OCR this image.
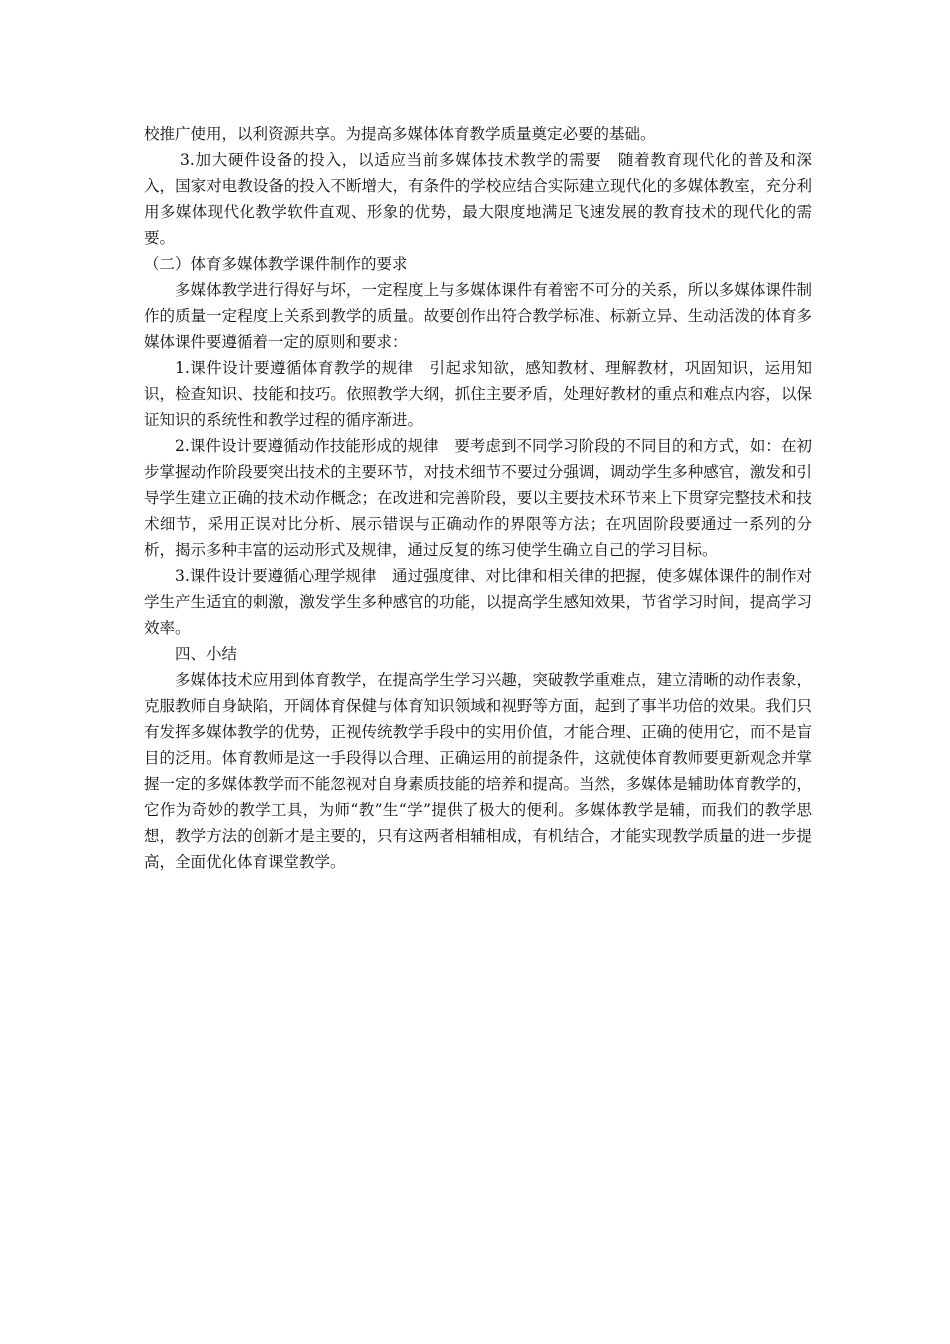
校推广使用，以利资源共享。为提高多媒体体育教学质量奠定必要的基础。

3.加大硬件设备的投入，以适应当前多媒体技术教学的需要　随着教育现代化的普及和深入，国家对电教设备的投入不断增大，有条件的学校应结合实际建立现代化的多媒体教室，充分利用多媒体现代化教学软件直观、形象的优势，最大限度地满足飞速发展的教育技术的现代化的需要。

（二）体育多媒体教学课件制作的要求

多媒体教学进行得好与坏，一定程度上与多媒体课件有着密不可分的关系，所以多媒体课件制作的质量一定程度上关系到教学的质量。故要创作出符合教学标准、标新立异、生动活泼的体育多媒体课件要遵循着一定的原则和要求：

1.课件设计要遵循体育教学的规律　引起求知欲，感知教材、理解教材，巩固知识，运用知识，检查知识、技能和技巧。依照教学大纲，抓住主要矛盾，处理好教材的重点和难点内容，以保证知识的系统性和教学过程的循序渐进。

2.课件设计要遵循动作技能形成的规律　要考虑到不同学习阶段的不同目的和方式，如：在初步掌握动作阶段要突出技术的主要环节，对技术细节不要过分强调，调动学生多种感官，激发和引导学生建立正确的技术动作概念；在改进和完善阶段，要以主要技术环节来上下贯穿完整技术和技术细节，采用正误对比分析、展示错误与正确动作的界限等方法；在巩固阶段要通过一系列的分析，揭示多种丰富的运动形式及规律，通过反复的练习使学生确立自己的学习目标。

3.课件设计要遵循心理学规律　通过强度律、对比律和相关律的把握，使多媒体课件的制作对学生产生适宜的刺激，激发学生多种感官的功能，以提高学生感知效果，节省学习时间，提高学习效率。

四、小结

多媒体技术应用到体育教学，在提高学生学习兴趣，突破教学重难点，建立清晰的动作表象，克服教师自身缺陷，开阔体育保健与体育知识领域和视野等方面，起到了事半功倍的效果。我们只有发挥多媒体教学的优势，正视传统教学手段中的实用价值，才能合理、正确的使用它，而不是盲目的泛用。体育教师是这一手段得以合理、正确运用的前提条件，这就使体育教师要更新观念并掌握一定的多媒体教学而不能忽视对自身素质技能的培养和提高。当然，多媒体是辅助体育教学的，它作为奇妙的教学工具，为师“教”生“学”提供了极大的便利。多媒体教学是辅，而我们的教学思想，教学方法的创新才是主要的，只有这两者相辅相成，有机结合，才能实现教学质量的进一步提高，全面优化体育课堂教学。
